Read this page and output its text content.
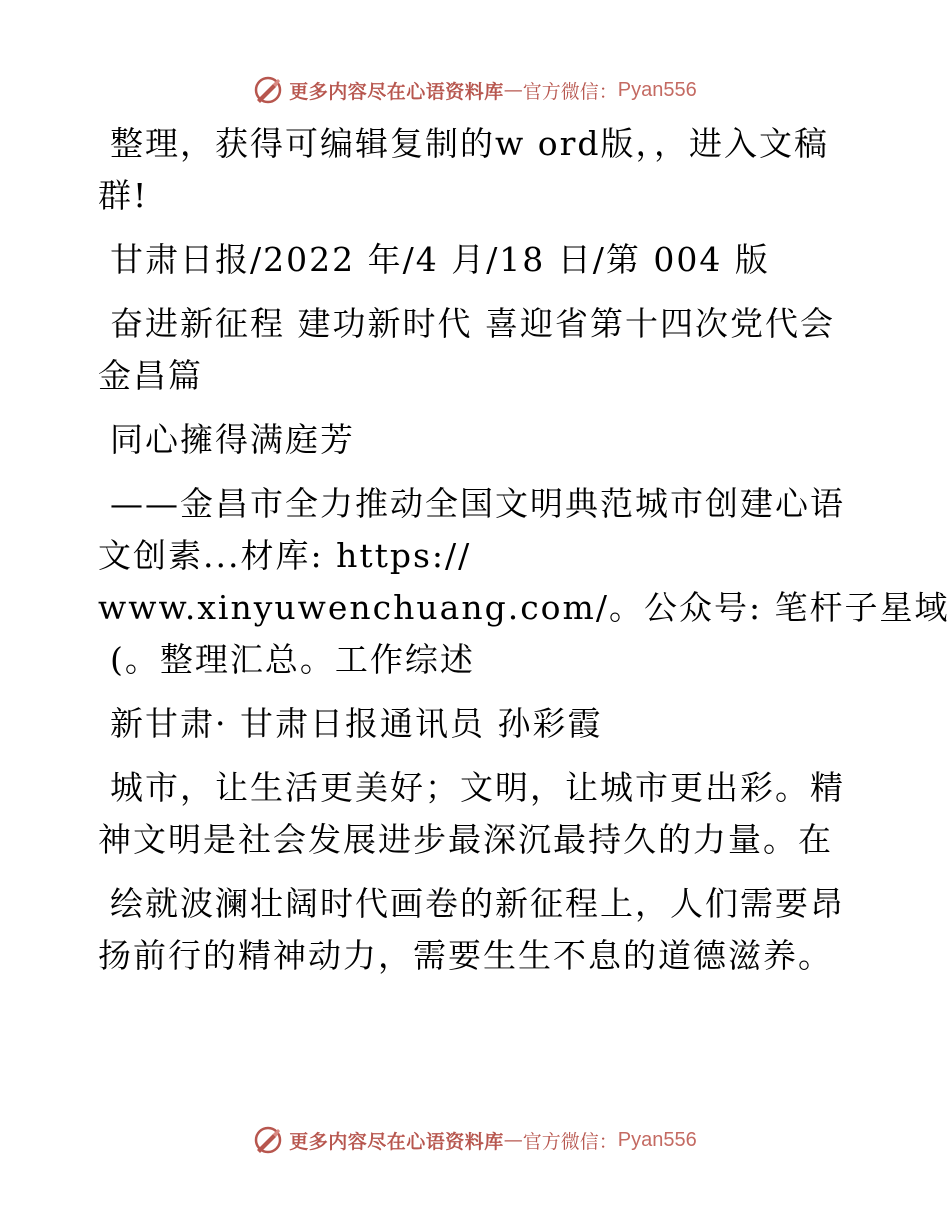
更多内容尽在心语资料库 — 官方微信： Pyan556

整理，获得可编辑复制的w ord版，，进入文稿

群!

甘肃日报/2022 年/4 月/18 日/第 004 版

奋进新征程 建功新时代 喜迎省第十四次党代会

金昌篇

同心擁得满庭芳

——金昌市全力推动全国文明典范城市创建心语

文创素...材库: https://

www.xinyuwenchuang.com/。公众号: 笔杆子星域

(。整理汇总。工作综述

新甘肃· 甘肃日报通讯员 孙彩霞

城市，让生活更美好；文明，让城市更出彩。精

神文明是社会发展进步最深沉最持久的力量。在

绘就波澜壮阔时代画卷的新征程上，人们需要昂

扬前行的精神动力，需要生生不息的道德滋养。

更多内容尽在心语资料库 — 官方微信： Pyan556
